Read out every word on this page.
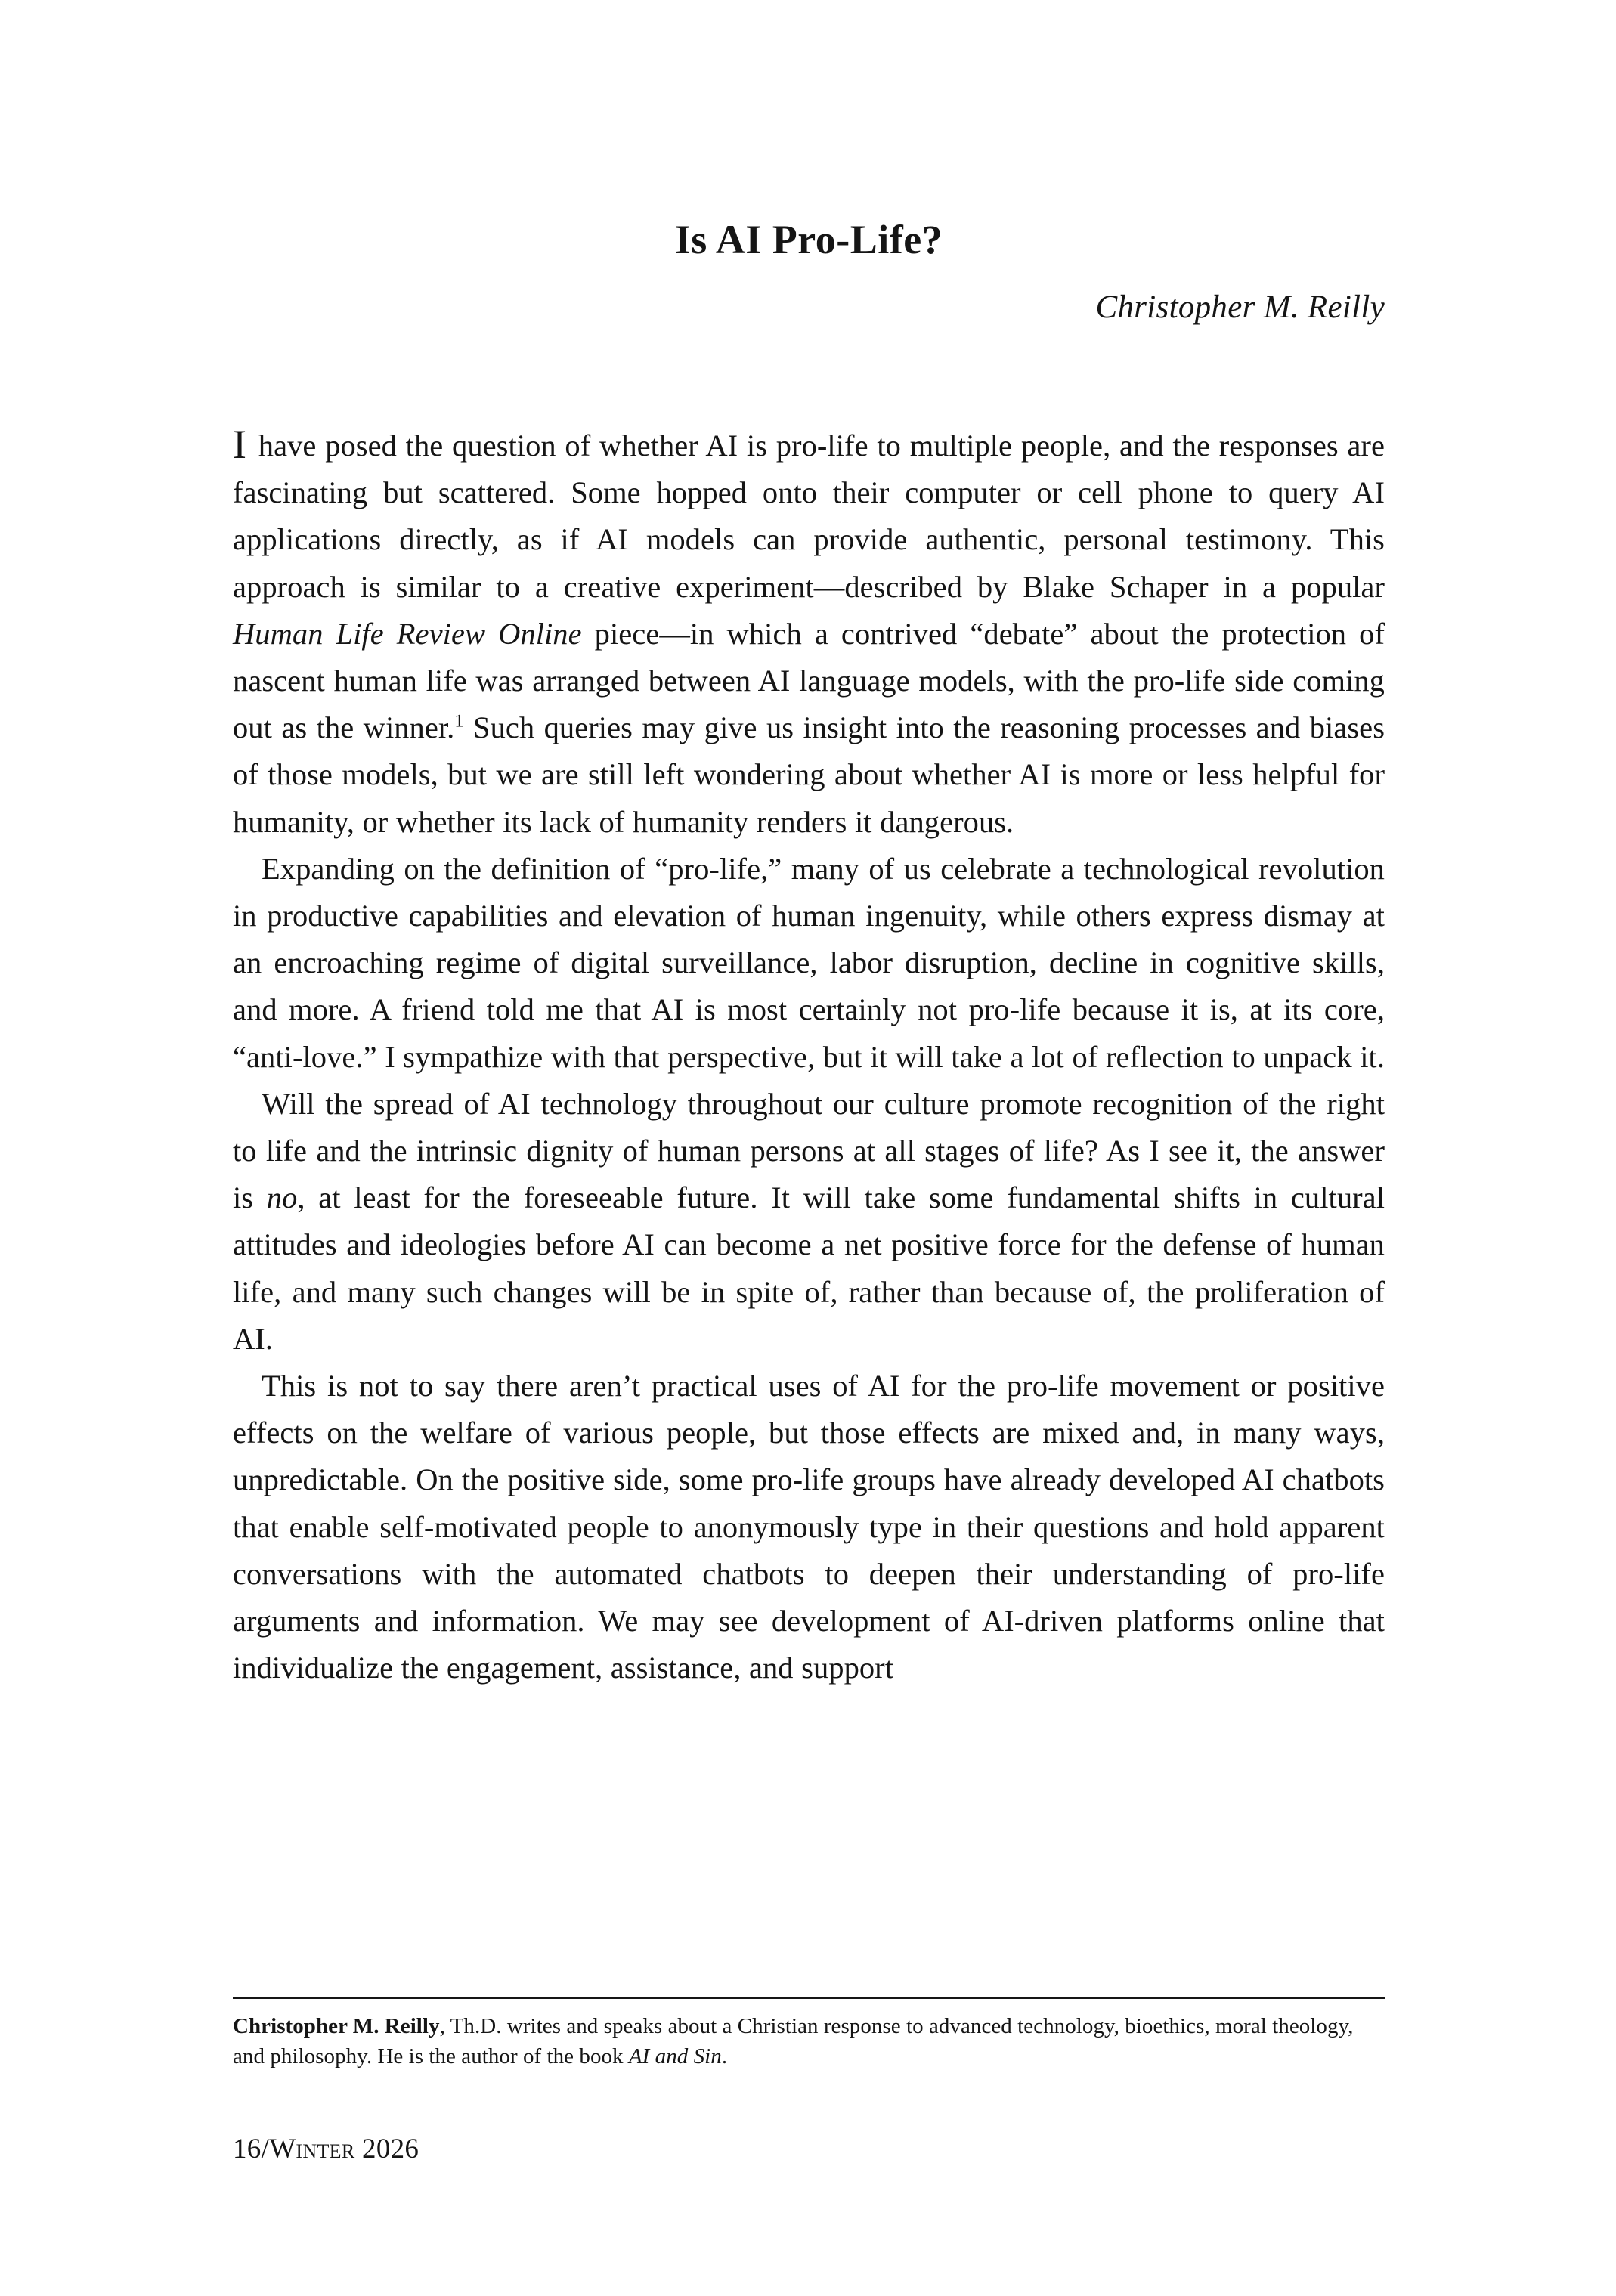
Is AI Pro-Life?
Christopher M. Reilly

I have posed the question of whether AI is pro-life to multiple people, and the responses are fascinating but scattered. Some hopped onto their computer or cell phone to query AI applications directly, as if AI models can provide authentic, personal testimony. This approach is similar to a creative experiment—described by Blake Schaper in a popular Human Life Review Online piece—in which a contrived “debate” about the protection of nascent human life was arranged between AI language models, with the pro-life side coming out as the winner.$^1$ Such queries may give us insight into the reasoning processes and biases of those models, but we are still left wondering about whether AI is more or less helpful for humanity, or whether its lack of humanity renders it dangerous.

Expanding on the definition of “pro-life,” many of us celebrate a technological revolution in productive capabilities and elevation of human ingenuity, while others express dismay at an encroaching regime of digital surveillance, labor disruption, decline in cognitive skills, and more. A friend told me that AI is most certainly not pro-life because it is, at its core, “anti-love.” I sympathize with that perspective, but it will take a lot of reflection to unpack it.

Will the spread of AI technology throughout our culture promote recognition of the right to life and the intrinsic dignity of human persons at all stages of life? As I see it, the answer is no, at least for the foreseeable future. It will take some fundamental shifts in cultural attitudes and ideologies before AI can become a net positive force for the defense of human life, and many such changes will be in spite of, rather than because of, the proliferation of AI.

This is not to say there aren’t practical uses of AI for the pro-life movement or positive effects on the welfare of various people, but those effects are mixed and, in many ways, unpredictable. On the positive side, some pro-life groups have already developed AI chatbots that enable self-motivated people to anonymously type in their questions and hold apparent conversations with the automated chatbots to deepen their understanding of pro-life arguments and information. We may see development of AI-driven platforms online that individualize the engagement, assistance, and support

Christopher M. Reilly, Th.D. writes and speaks about a Christian response to advanced technology, bioethics, moral theology, and philosophy. He is the author of the book AI and Sin.

16/Winter 2026
